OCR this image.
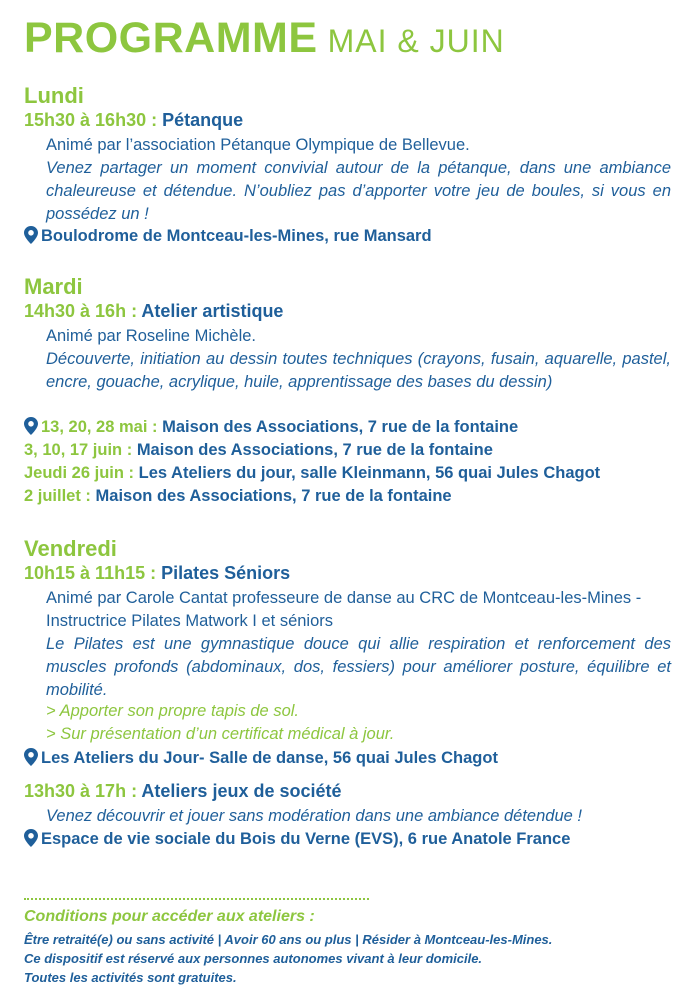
PROGRAMME MAI & JUIN
Lundi
15h30 à 16h30 : Pétanque
Animé par l’association Pétanque Olympique de Bellevue.
Venez partager un moment convivial autour de la pétanque, dans une ambiance chaleureuse et détendue. N’oubliez pas d’apporter votre jeu de boules, si vous en possédez un !
Boulodrome de Montceau-les-Mines, rue Mansard
Mardi
14h30 à 16h : Atelier artistique
Animé par Roseline Michèle.
Découverte, initiation au dessin toutes techniques (crayons, fusain, aquarelle, pastel, encre, gouache, acrylique, huile, apprentissage des bases du dessin)
13, 20, 28 mai : Maison des Associations, 7 rue de la fontaine
3, 10, 17 juin : Maison des Associations, 7 rue de la fontaine
Jeudi 26 juin : Les Ateliers du jour, salle Kleinmann, 56 quai Jules Chagot
2 juillet : Maison des Associations, 7 rue de la fontaine
Vendredi
10h15 à 11h15 : Pilates Séniors
Animé par Carole Cantat professeure de danse au CRC de Montceau-les-Mines - Instructrice Pilates Matwork I et séniors
Le Pilates est une gymnastique douce qui allie respiration et renforcement des muscles profonds (abdominaux, dos, fessiers) pour améliorer posture, équilibre et mobilité.
> Apporter son propre tapis de sol.
> Sur présentation d’un certificat médical à jour.
Les Ateliers du Jour- Salle de danse, 56 quai Jules Chagot
13h30 à 17h : Ateliers jeux de société
Venez découvrir et jouer sans modération dans une ambiance détendue !
Espace de vie sociale du Bois du Verne (EVS), 6 rue Anatole France
Conditions pour accéder aux ateliers :
Être retraité(e) ou sans activité | Avoir 60 ans ou plus | Résider à Montceau-les-Mines.
Ce dispositif est réservé aux personnes autonomes vivant à leur domicile.
Toutes les activités sont gratuites.
